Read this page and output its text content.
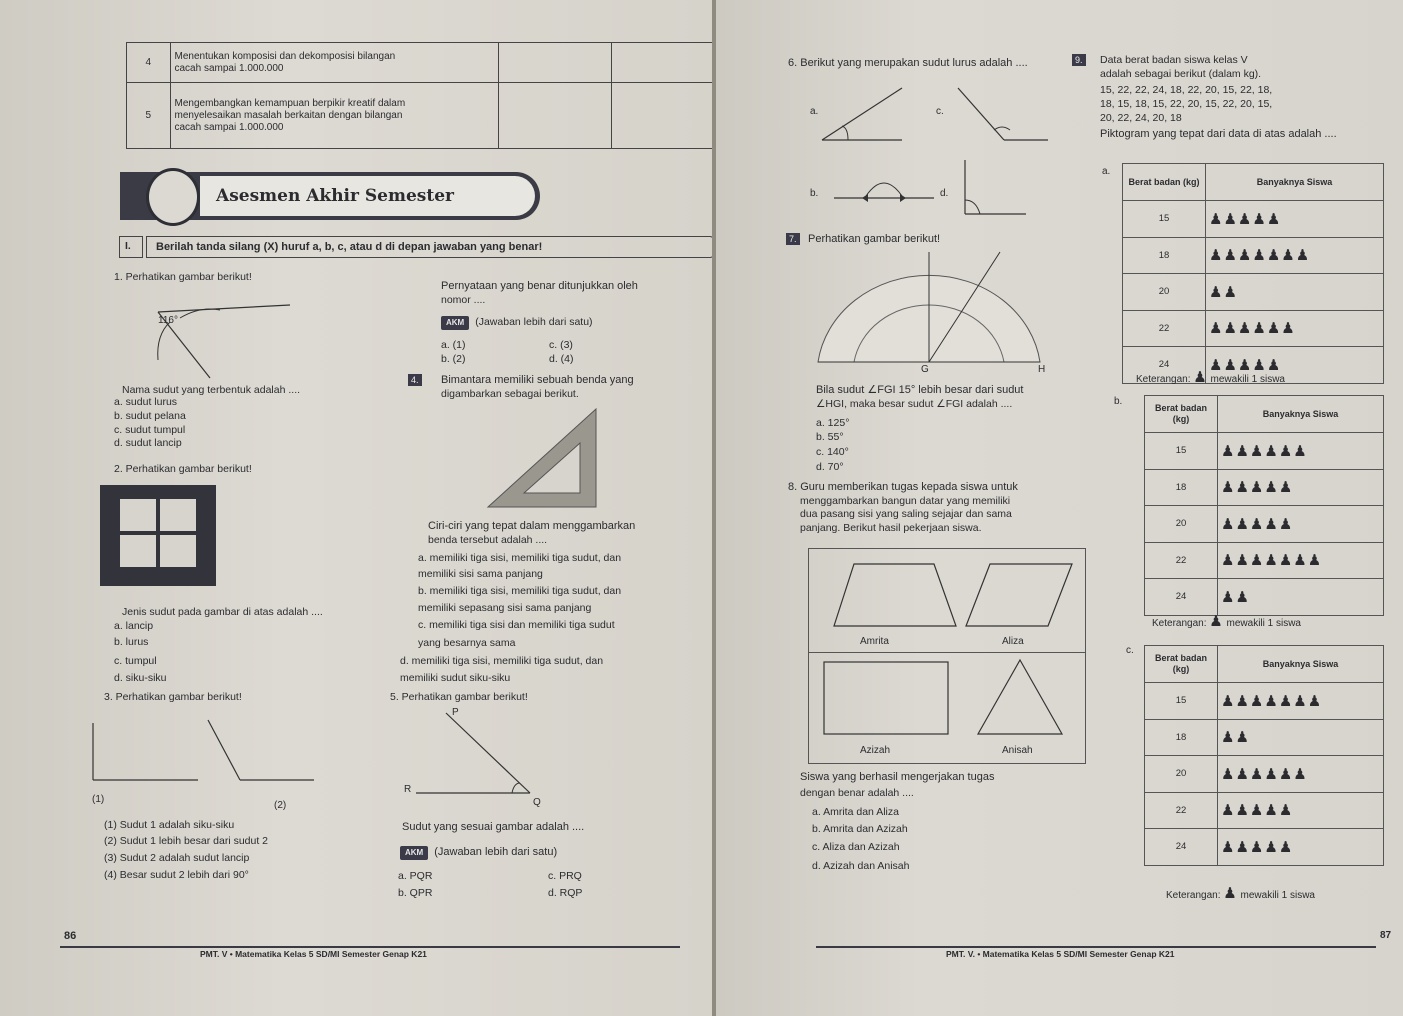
4	Menentukan komposisi dan dekomposisi bilangan
cacah sampai 1.000.000		

5	Mengembangkan kemampuan berpikir kreatif dalam
menyelesaikan masalah berkaitan dengan bilangan
cacah sampai 1.000.000		

Asesmen Akhir Semester
I. Berilah tanda silang (X) huruf a, b, c, atau d di depan jawaban yang benar!
1. Perhatikan gambar berikut!
116°
Nama sudut yang terbentuk adalah ....
a. sudut lurus
b. sudut pelana
c. sudut tumpul
d. sudut lancip
2. Perhatikan gambar berikut!
Jenis sudut pada gambar di atas adalah ....
a. lancip
b. lurus
c. tumpul
d. siku-siku
3. Perhatikan gambar berikut!
(1)
(2)
(1) Sudut 1 adalah siku-siku
(2) Sudut 1 lebih besar dari sudut 2
(3) Sudut 2 adalah sudut lancip
(4) Besar sudut 2 lebih dari 90°
Pernyataan yang benar ditunjukkan oleh
nomor ....
AKM (Jawaban lebih dari satu)
a. (1)	c. (3)
b. (2)	d. (4)
4.	Bimantara memiliki sebuah benda yang
digambarkan sebagai berikut.
Ciri-ciri yang tepat dalam menggambarkan
benda tersebut adalah ....
a. memiliki tiga sisi, memiliki tiga sudut, dan
memiliki sisi sama panjang
b. memiliki tiga sisi, memiliki tiga sudut, dan
memiliki sepasang sisi sama panjang
c. memiliki tiga sisi dan memiliki tiga sudut
yang besarnya sama
d. memiliki tiga sisi, memiliki tiga sudut, dan
memiliki sudut siku-siku
5. Perhatikan gambar berikut!
P
R
Q
Sudut yang sesuai gambar adalah ....
AKM (Jawaban lebih dari satu)
a. PQR	c. PRQ
b. QPR	d. RQP
86
PMT. V • Matematika Kelas 5 SD/MI Semester Genap K21
6. Berikut yang merupakan sudut lurus adalah ....
a.	c.
b.	d.
7.	Perhatikan gambar berikut!
G	H
Bila sudut ∠FGI 15° lebih besar dari sudut
∠HGI, maka besar sudut ∠FGI adalah ....
a. 125°
b. 55°
c. 140°
d. 70°
8. Guru memberikan tugas kepada siswa untuk
menggambarkan bangun datar yang memiliki
dua pasang sisi yang saling sejajar dan sama
panjang. Berikut hasil pekerjaan siswa.
Amrita	Aliza
Azizah	Anisah
Siswa yang berhasil mengerjakan tugas
dengan benar adalah ....
a. Amrita dan Aliza
b. Amrita dan Azizah
c. Aliza dan Azizah
d. Azizah dan Anisah
9.	Data berat badan siswa kelas V
adalah sebagai berikut (dalam kg).
15, 22, 22, 24, 18, 22, 20, 15, 22, 18,
18, 15, 18, 15, 22, 20, 15, 22, 20, 15,
20, 22, 24, 20, 18
Piktogram yang tepat dari data di atas adalah ....
a.
Berat badan (kg)	Banyaknya Siswa
15	♟♟♟♟♟
18	♟♟♟♟♟♟♟
20	♟♟
22	♟♟♟♟♟♟
24	♟♟♟♟♟
Keterangan: ♟ mewakili 1 siswa
b.
Berat badan (kg)	Banyaknya Siswa
15	♟♟♟♟♟♟
18	♟♟♟♟♟
20	♟♟♟♟♟
22	♟♟♟♟♟♟♟
24	♟♟
Keterangan: ♟ mewakili 1 siswa
c.
Berat badan (kg)	Banyaknya Siswa
15	♟♟♟♟♟♟♟
18	♟♟
20	♟♟♟♟♟♟
22	♟♟♟♟♟
24	♟♟♟♟♟
Keterangan: ♟ mewakili 1 siswa
87
PMT. V. • Matematika Kelas 5 SD/MI Semester Genap K21
